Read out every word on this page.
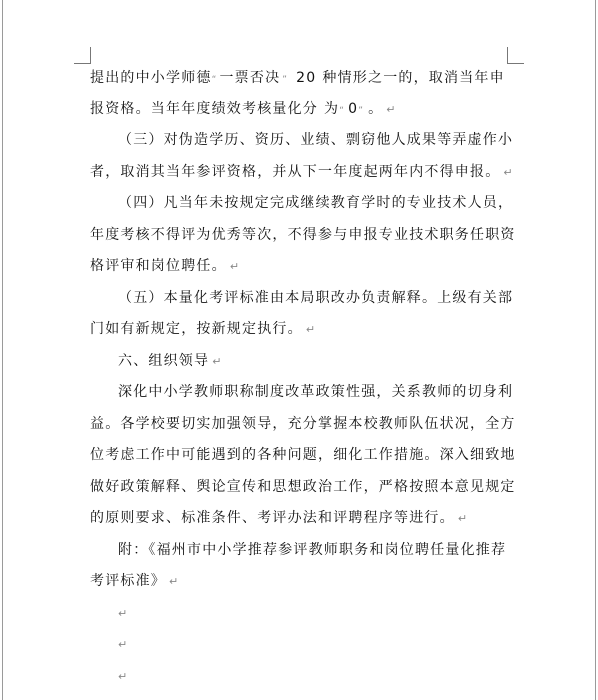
提出的中小学师德“ 一票否决 ” 20 种情形之一的，取消当年申
报资格。当年年度绩效考核量化分 为“ 0” 。 ↵
（三）对伪造学历、资历、业绩、剽窃他人成果等弄虚作小
者，取消其当年参评资格，并从下一年度起两年内不得申报。 ↵
（四）凡当年未按规定完成继续教育学时的专业技术人员，
年度考核不得评为优秀等次，不得参与申报专业技术职务任职资
格评审和岗位聘任。 ↵
（五）本量化考评标准由本局职改办负责解释。上级有关部
门如有新规定，按新规定执行。 ↵
六、组织领导 ↵
深化中小学教师职称制度改革政策性强，关系教师的切身利
益。各学校要切实加强领导，充分掌握本校教师队伍状况，全方
位考虑工作中可能遇到的各种问题，细化工作措施。深入细致地
做好政策解释、舆论宣传和思想政治工作，严格按照本意见规定
的原则要求、标准条件、考评办法和评聘程序等进行。 ↵
附：《福州市中小学推荐参评教师职务和岗位聘任量化推荐
考评标准》 ↵
↵
↵
↵
